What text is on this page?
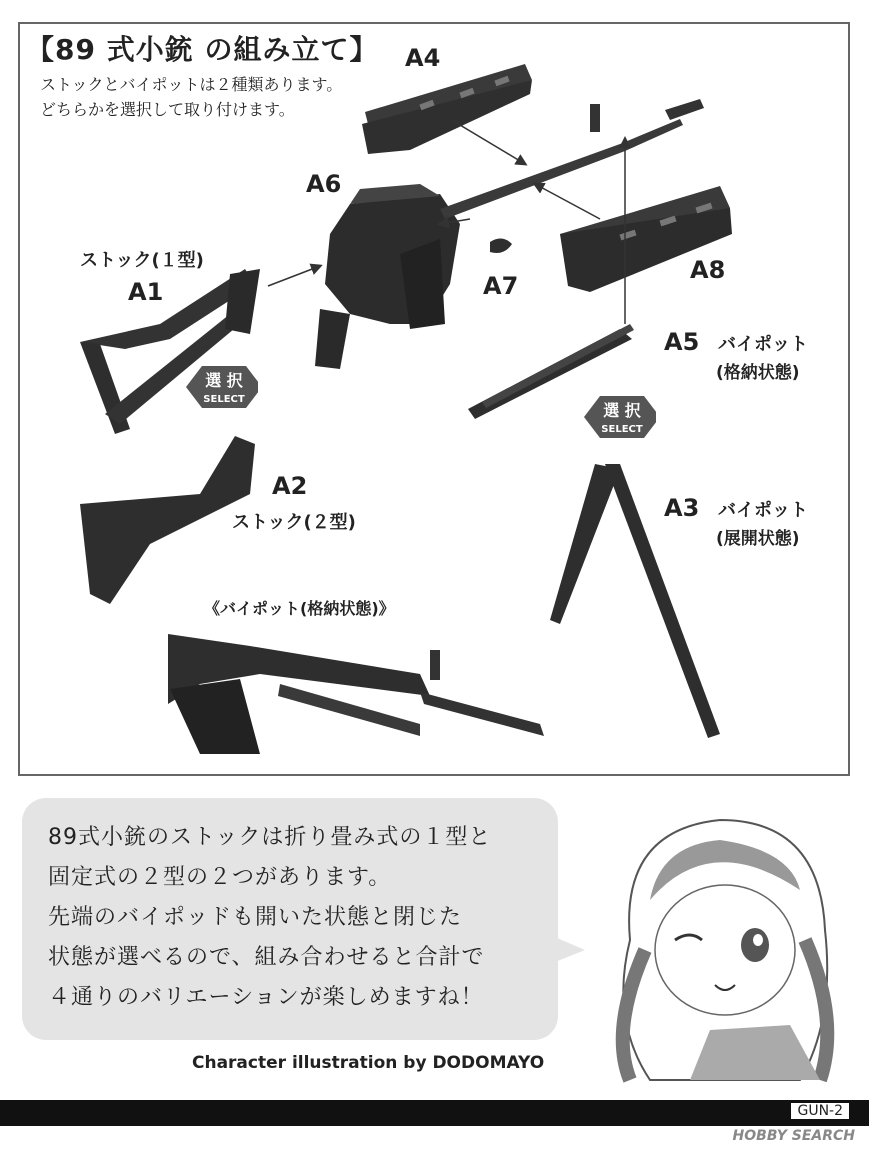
【89 式小銃 の組み立て】
ストックとバイポットは２種類あります。
どちらかを選択して取り付けます。
A4
A6
A7
A8
ストック(１型)
A1
A2
ストック(２型)
A5 バイポット
(格納状態)
A3 バイポット
(展開状態)
選 択
SELECT
選 択
SELECT
《バイポット(格納状態)》
89式小銃のストックは折り畳み式の１型と
固定式の２型の２つがあります。
先端のバイポッドも開いた状態と閉じた
状態が選べるので、組み合わせると合計で
４通りのバリエーションが楽しめますね！
Character illustration by DODOMAYO
GUN-2
HOBBY SEARCH
